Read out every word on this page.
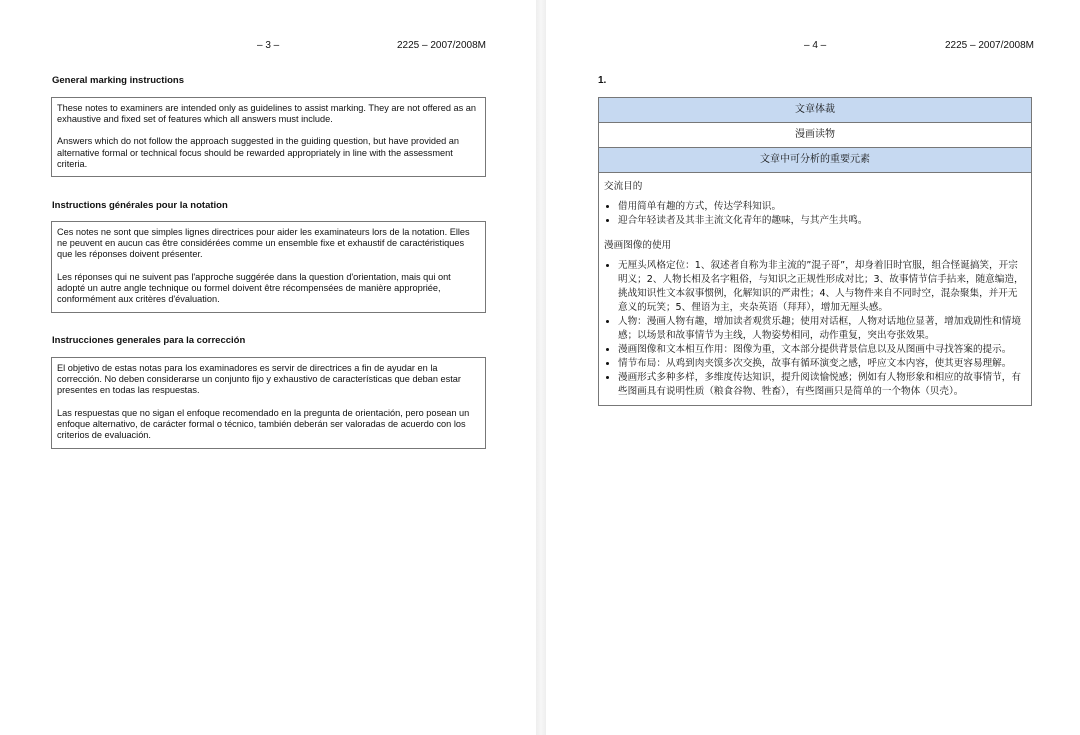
– 3 –	2225 – 2007/2008M
General marking instructions

These notes to examiners are intended only as guidelines to assist marking. They are not offered as an exhaustive and fixed set of features which all answers must include.

Answers which do not follow the approach suggested in the guiding question, but have provided an alternative formal or technical focus should be rewarded appropriately in line with the assessment criteria.

Instructions générales pour la notation

Ces notes ne sont que simples lignes directrices pour aider les examinateurs lors de la notation. Elles ne peuvent en aucun cas être considérées comme un ensemble fixe et exhaustif de caractéristiques que les réponses doivent présenter.

Les réponses qui ne suivent pas l'approche suggérée dans la question d'orientation, mais qui ont adopté un autre angle technique ou formel doivent être récompensées de manière appropriée, conformément aux critères d'évaluation.

Instrucciones generales para la corrección

El objetivo de estas notas para los examinadores es servir de directrices a fin de ayudar en la corrección. No deben considerarse un conjunto fijo y exhaustivo de características que deban estar presentes en todas las respuestas.

Las respuestas que no sigan el enfoque recomendado en la pregunta de orientación, pero posean un enfoque alternativo, de carácter formal o técnico, también deberán ser valoradas de acuerdo con los criterios de evaluación.

– 4 –	2225 – 2007/2008M
1.
文章体裁
漫画读物
文章中可分析的重要元素
交流目的
• 借用简单有趣的方式，传达学科知识。
• 迎合年轻读者及其非主流文化青年的趣味，与其产生共鸣。
漫画图像的使用
• 无厘头风格定位：1、叙述者自称为非主流的”混子哥”，却身着旧时官服，组合怪诞搞笑，开宗明义；2、人物长相及名字粗俗，与知识之正规性形成对比；3、故事情节信手拈来，随意编造，挑战知识性文本叙事惯例，化解知识的严肃性；4、人与物件来自不同时空，混杂聚集，并开无意义的玩笑；5、俚语为主，夹杂英语（拜拜），增加无厘头感。
• 人物：漫画人物有趣，增加读者观赏乐趣；使用对话框，人物对话地位显著，增加戏剧性和情境感；以场景和故事情节为主线，人物姿势相同，动作重复，突出夸张效果。
• 漫画图像和文本相互作用：图像为重，文本部分提供背景信息以及从图画中寻找答案的提示。
• 情节布局：从鸡到肉夹馍多次交换，故事有循环演变之感，呼应文本内容，使其更容易理解。
• 漫画形式多种多样，多维度传达知识，提升阅读愉悦感；例如有人物形象和相应的故事情节，有些图画具有说明性质（粮食谷物、牲畜），有些图画只是简单的一个物体（贝壳）。
